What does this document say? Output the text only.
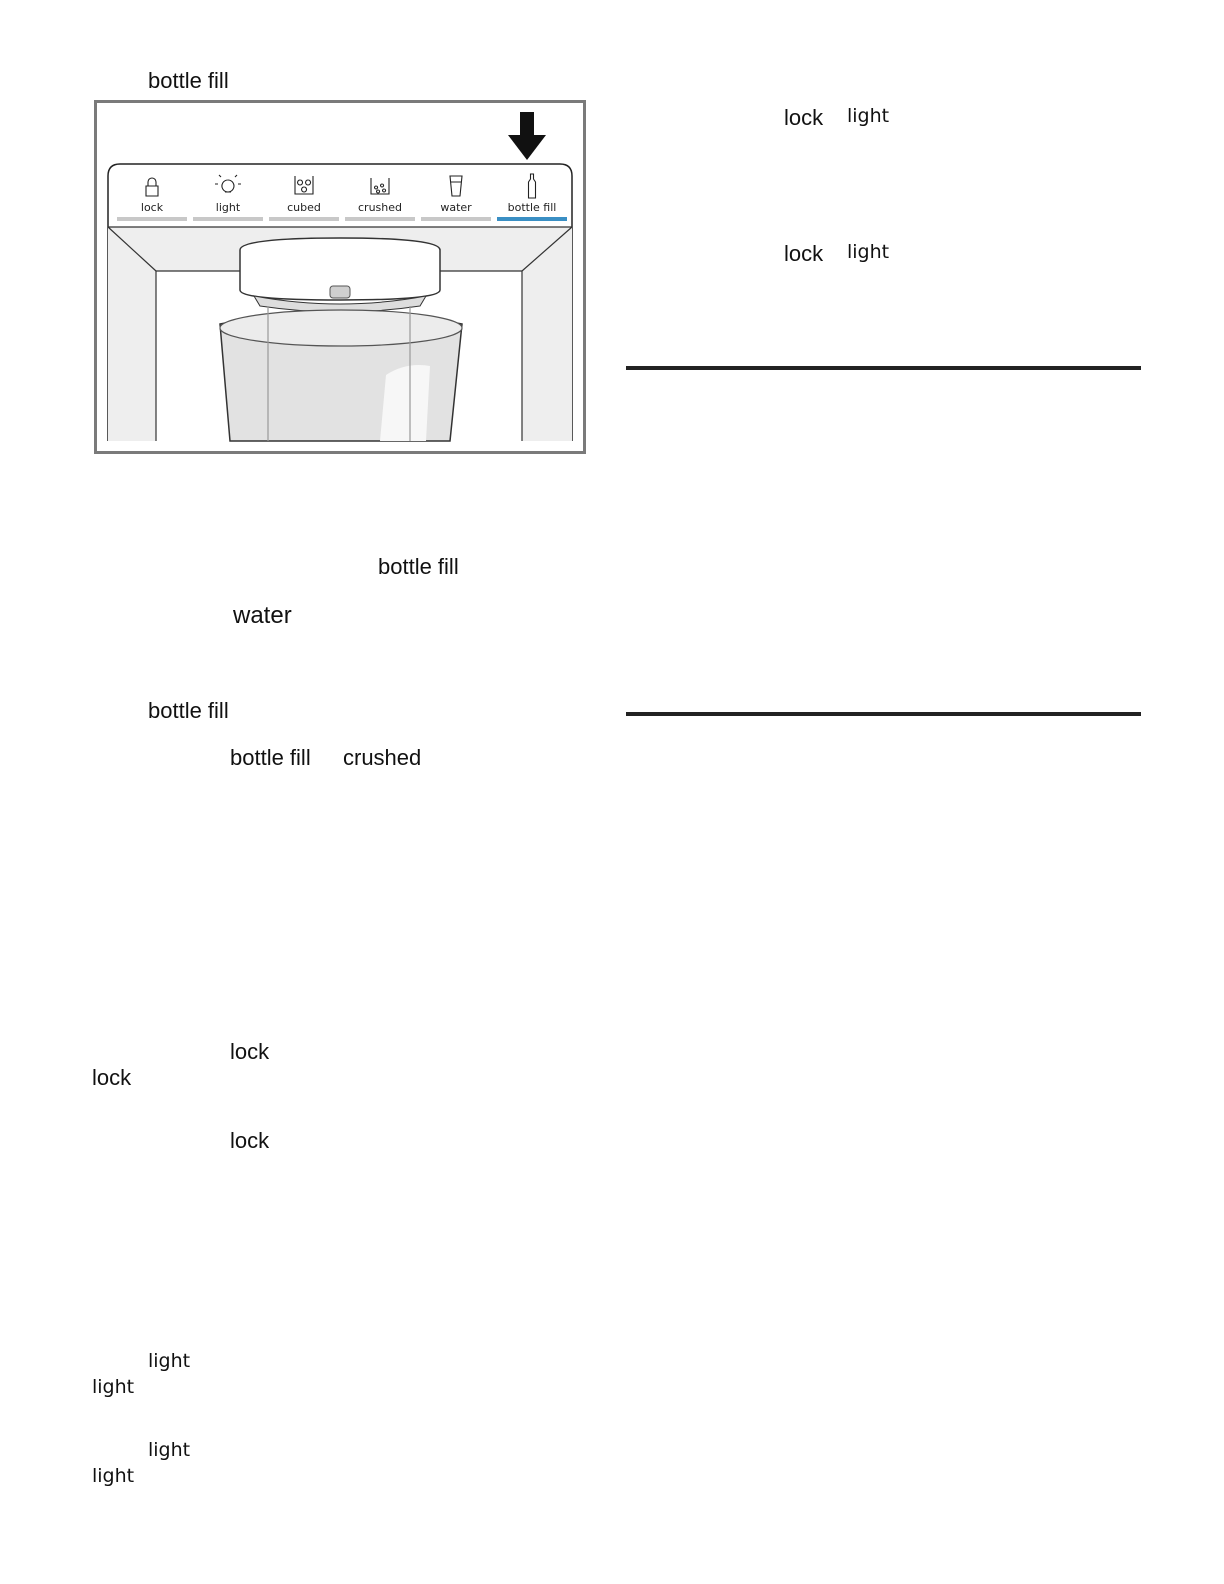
bottle fill
lock	light	cubed	crushed	water	bottle fill
bottle fill
water
bottle fill
bottle fill crushed
lock
lock
lock
light
light
light
light
lock light
lock light
